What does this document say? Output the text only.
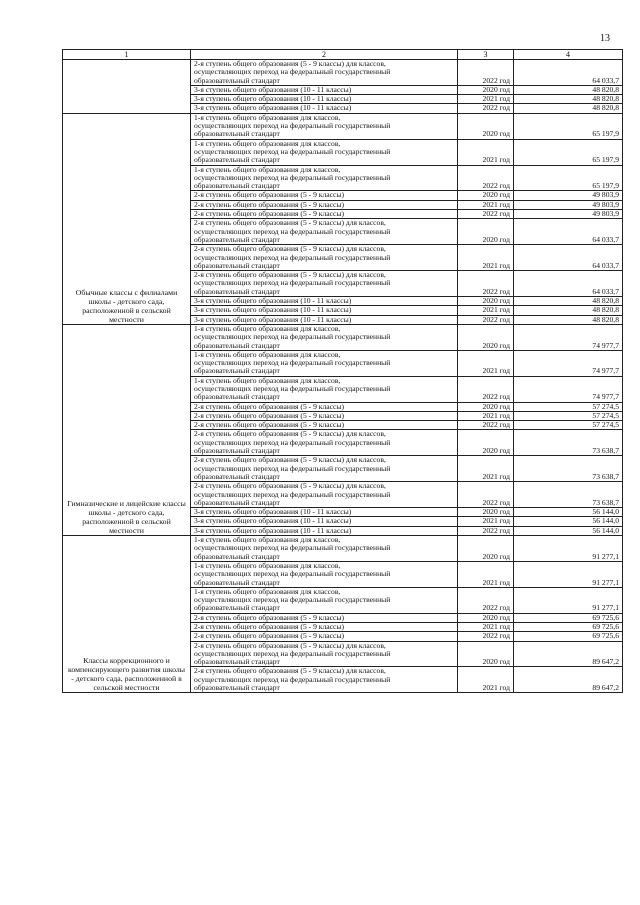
13
1	2	3	4
	2-я ступень общего образования (5 - 9 классы) для классов,
осуществляющих переход на федеральный государственный
образовательный стандарт	2022 год	64 033,7
	3-я ступень общего образования (10 - 11 классы)	2020 год	48 820,8
	3-я ступень общего образования (10 - 11 классы)	2021 год	48 820,8
	3-я ступень общего образования (10 - 11 классы)	2022 год	48 820,8
Обычные классы с филиалами школы - детского сада, расположенной в сельской местности	1-я ступень общего образования для классов,
осуществляющих переход на федеральный государственный
образовательный стандарт	2020 год	65 197,9
	1-я ступень общего образования для классов,
осуществляющих переход на федеральный государственный
образовательный стандарт	2021 год	65 197,9
	1-я ступень общего образования для классов,
осуществляющих переход на федеральный государственный
образовательный стандарт	2022 год	65 197,9
	2-я ступень общего образования (5 - 9 классы)	2020 год	49 803,9
	2-я ступень общего образования (5 - 9 классы)	2021 год	49 803,9
	2-я ступень общего образования (5 - 9 классы)	2022 год	49 803,9
	2-я ступень общего образования (5 - 9 классы) для классов,
осуществляющих переход на федеральный государственный
образовательный стандарт	2020 год	64 033,7
	2-я ступень общего образования (5 - 9 классы) для классов,
осуществляющих переход на федеральный государственный
образовательный стандарт	2021 год	64 033,7
	2-я ступень общего образования (5 - 9 классы) для классов,
осуществляющих переход на федеральный государственный
образовательный стандарт	2022 год	64 033,7
	3-я ступень общего образования (10 - 11 классы)	2020 год	48 820,8
	3-я ступень общего образования (10 - 11 классы)	2021 год	48 820,8
	3-я ступень общего образования (10 - 11 классы)	2022 год	48 820,8
Гимназические и лицейские классы школы - детского сада, расположенной в сельской местности	1-я ступень общего образования для классов,
осуществляющих переход на федеральный государственный
образовательный стандарт	2020 год	74 977,7
	1-я ступень общего образования для классов,
осуществляющих переход на федеральный государственный
образовательный стандарт	2021 год	74 977,7
	1-я ступень общего образования для классов,
осуществляющих переход на федеральный государственный
образовательный стандарт	2022 год	74 977,7
	2-я ступень общего образования (5 - 9 классы)	2020 год	57 274,5
	2-я ступень общего образования (5 - 9 классы)	2021 год	57 274,5
	2-я ступень общего образования (5 - 9 классы)	2022 год	57 274,5
	2-я ступень общего образования (5 - 9 классы) для классов,
осуществляющих переход на федеральный государственный
образовательный стандарт	2020 год	73 638,7
	2-я ступень общего образования (5 - 9 классы) для классов,
осуществляющих переход на федеральный государственный
образовательный стандарт	2021 год	73 638,7
	2-я ступень общего образования (5 - 9 классы) для классов,
осуществляющих переход на федеральный государственный
образовательный стандарт	2022 год	73 638,7
	3-я ступень общего образования (10 - 11 классы)	2020 год	56 144,0
	3-я ступень общего образования (10 - 11 классы)	2021 год	56 144,0
	3-я ступень общего образования (10 - 11 классы)	2022 год	56 144,0
Классы коррекционного и компенсирующего развития школы - детского сада, расположенной в сельской местности	1-я ступень общего образования для классов,
осуществляющих переход на федеральный государственный
образовательный стандарт	2020 год	91 277,1
	1-я ступень общего образования для классов,
осуществляющих переход на федеральный государственный
образовательный стандарт	2021 год	91 277,1
	1-я ступень общего образования для классов,
осуществляющих переход на федеральный государственный
образовательный стандарт	2022 год	91 277,1
	2-я ступень общего образования (5 - 9 классы)	2020 год	69 725,6
	2-я ступень общего образования (5 - 9 классы)	2021 год	69 725,6
	2-я ступень общего образования (5 - 9 классы)	2022 год	69 725,6
	2-я ступень общего образования (5 - 9 классы) для классов,
осуществляющих переход на федеральный государственный
образовательный стандарт	2020 год	89 647,2
	2-я ступень общего образования (5 - 9 классы) для классов,
осуществляющих переход на федеральный государственный
образовательный стандарт	2021 год	89 647,2
